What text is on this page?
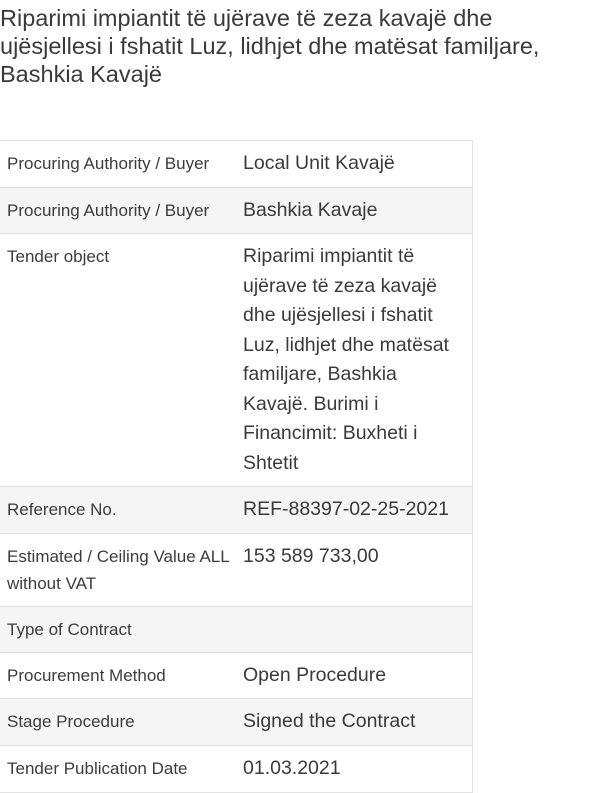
Riparimi impiantit të ujërave të zeza kavajë dhe ujësjellesi i fshatit Luz, lidhjet dhe matësat familjare, Bashkia Kavajë
Procuring Authority / Buyer	Local Unit Kavajë

Procuring Authority / Buyer	Bashkia Kavaje

Tender object	Riparimi impiantit të ujërave të zeza kavajë dhe ujësjellesi i fshatit Luz, lidhjet dhe matësat familjare, Bashkia Kavajë. Burimi i Financimit: Buxheti i Shtetit

Reference No.	REF-88397-02-25-2021

Estimated / Ceiling Value ALL without VAT	153 589 733,00

Type of Contract	

Procurement Method	Open Procedure

Stage Procedure	Signed the Contract

Tender Publication Date	01.03.2021
